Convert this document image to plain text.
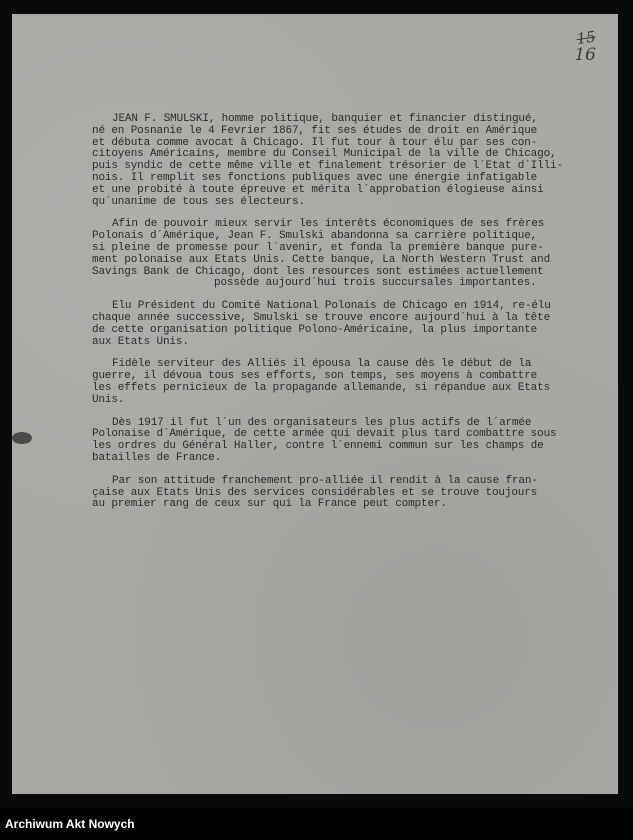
15
16
JEAN F. SMULSKI, homme politique, banquier et financier distingué,
né en Posnanie le 4 Fevrier 1867, fit ses études de droit en Amérique
et débuta comme avocat à Chicago. Il fut tour à tour élu par ses con-
citoyens Américains, membre du Conseil Municipal de la ville de Chicago,
puis syndic de cette même ville et finalement trésorier de l´Etat d´Illi-
nois. Il remplit ses fonctions publiques avec une énergie infatigable
et une probité à toute épreuve et mérita l´approbation élogieuse ainsi
qu´unanime de tous ses électeurs.
Afin de pouvoir mieux servir les interêts économiques de ses frères
Polonais d´Amérique, Jean F. Smulski abandonna sa carrière politique,
si pleine de promesse pour l´avenir, et fonda la première banque pure-
ment polonaise aux Etats Unis. Cette banque, La North Western Trust and
Savings Bank de Chicago, dont les resources sont estimées actuellement
possède aujourd´hui trois succursales importantes.
Elu Président du Comité National Polonais de Chicago en 1914, re-élu
chaque année successive, Smulski se trouve encore aujourd´hui à la tête
de cette organisation politique Polono-Américaine, la plus importante
aux Etats Unis.
Fidèle serviteur des Alliés il épousa la cause dès le début de la
guerre, il dévoua tous ses efforts, son temps, ses moyens à combattre
les effets pernicieux de la propagande allemande, si répandue aux Etats
Unis.
Dès 1917 il fut l´un des organisateurs les plus actifs de l´armée
Polonaise d´Amérique, de cette armée qui devait plus tard combattre sous
les ordres du Général Haller, contre l´ennemi commun sur les champs de
batailles de France.
Par son attitude franchement pro-alliée il rendit à la cause fran-
çaise aux Etats Unis des services considérables et se trouve toujours
au premier rang de ceux sur qui la France peut compter.
Archiwum Akt Nowych
